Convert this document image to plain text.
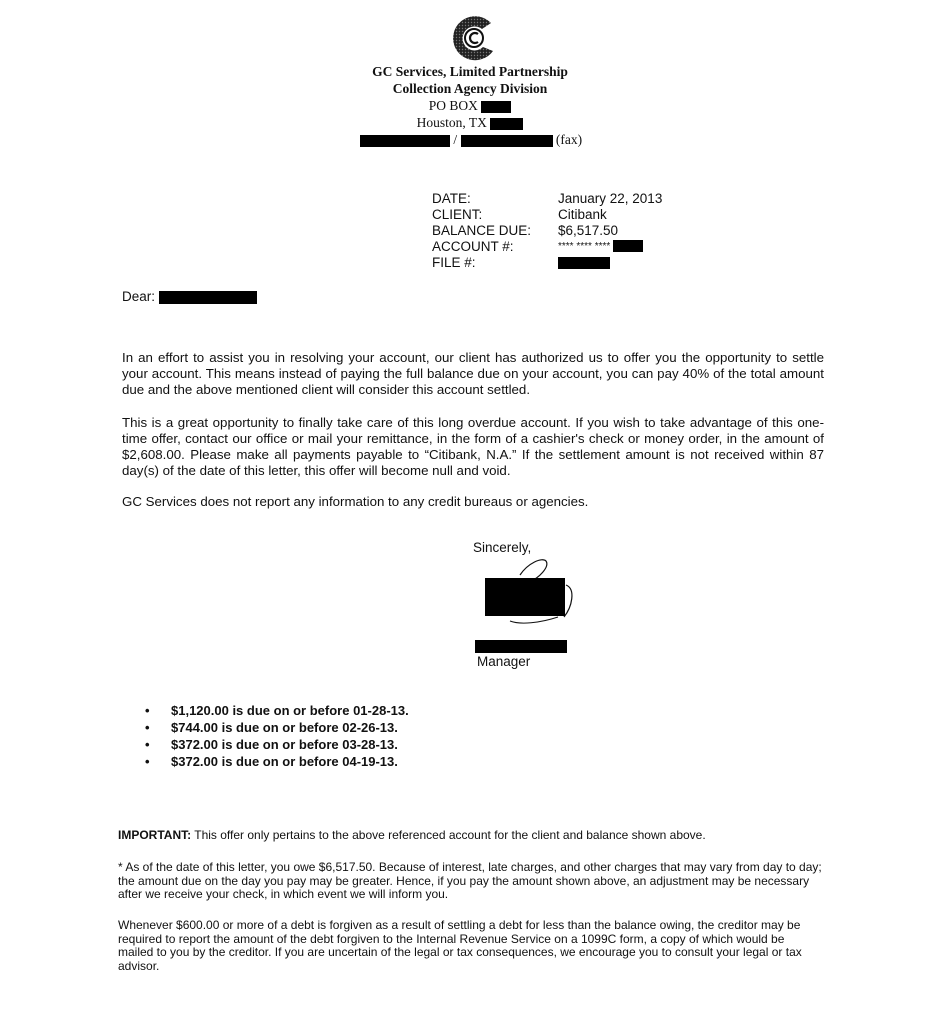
GC Services, Limited Partnership
Collection Agency Division
PO BOX
Houston, TX
/	(fax)
DATE:	January 22, 2013
CLIENT:	Citibank
BALANCE DUE: $6,517.50
ACCOUNT #:	**** **** ****
FILE #:
Dear:

In an effort to assist you in resolving your account, our client has authorized us to offer you the opportunity to settle your account. This means instead of paying the full balance due on your account, you can pay 40% of the total amount due and the above mentioned client will consider this account settled.

This is a great opportunity to finally take care of this long overdue account. If you wish to take advantage of this one-time offer, contact our office or mail your remittance, in the form of a cashier's check or money order, in the amount of $2,608.00. Please make all payments payable to “Citibank, N.A.” If the settlement amount is not received within 87 day(s) of the date of this letter, this offer will become null and void.

GC Services does not report any information to any credit bureaus or agencies.

Sincerely,
Manager
• $1,120.00 is due on or before 01-28-13.
• $744.00 is due on or before 02-26-13.
• $372.00 is due on or before 03-28-13.
• $372.00 is due on or before 04-19-13.

IMPORTANT: This offer only pertains to the above referenced account for the client and balance shown above.

* As of the date of this letter, you owe $6,517.50. Because of interest, late charges, and other charges that may vary from day to day; the amount due on the day you pay may be greater. Hence, if you pay the amount shown above, an adjustment may be necessary after we receive your check, in which event we will inform you.

Whenever $600.00 or more of a debt is forgiven as a result of settling a debt for less than the balance owing, the creditor may be required to report the amount of the debt forgiven to the Internal Revenue Service on a 1099C form, a copy of which would be mailed to you by the creditor. If you are uncertain of the legal or tax consequences, we encourage you to consult your legal or tax advisor.
